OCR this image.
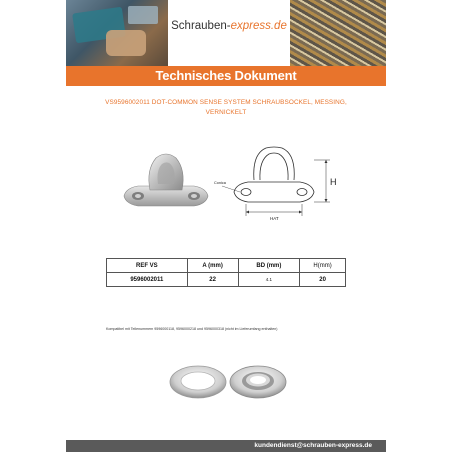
Schrauben-express.de
Technisches Dokument
VS9596002011 DOT-COMMON SENSE SYSTEM SCHRAUBSOCKEL, MESSING,
VERNICKELT
H
HAT
Conica
REF VS	A (mm)	BD (mm)	H(mm)
9596002011	22	4.1	20
Kompatibel mit Teilenummern 9596000118, 9596000218 und 9596000318 (nicht im Lieferumfang enthalten)
kundendienst@schrauben-express.de
